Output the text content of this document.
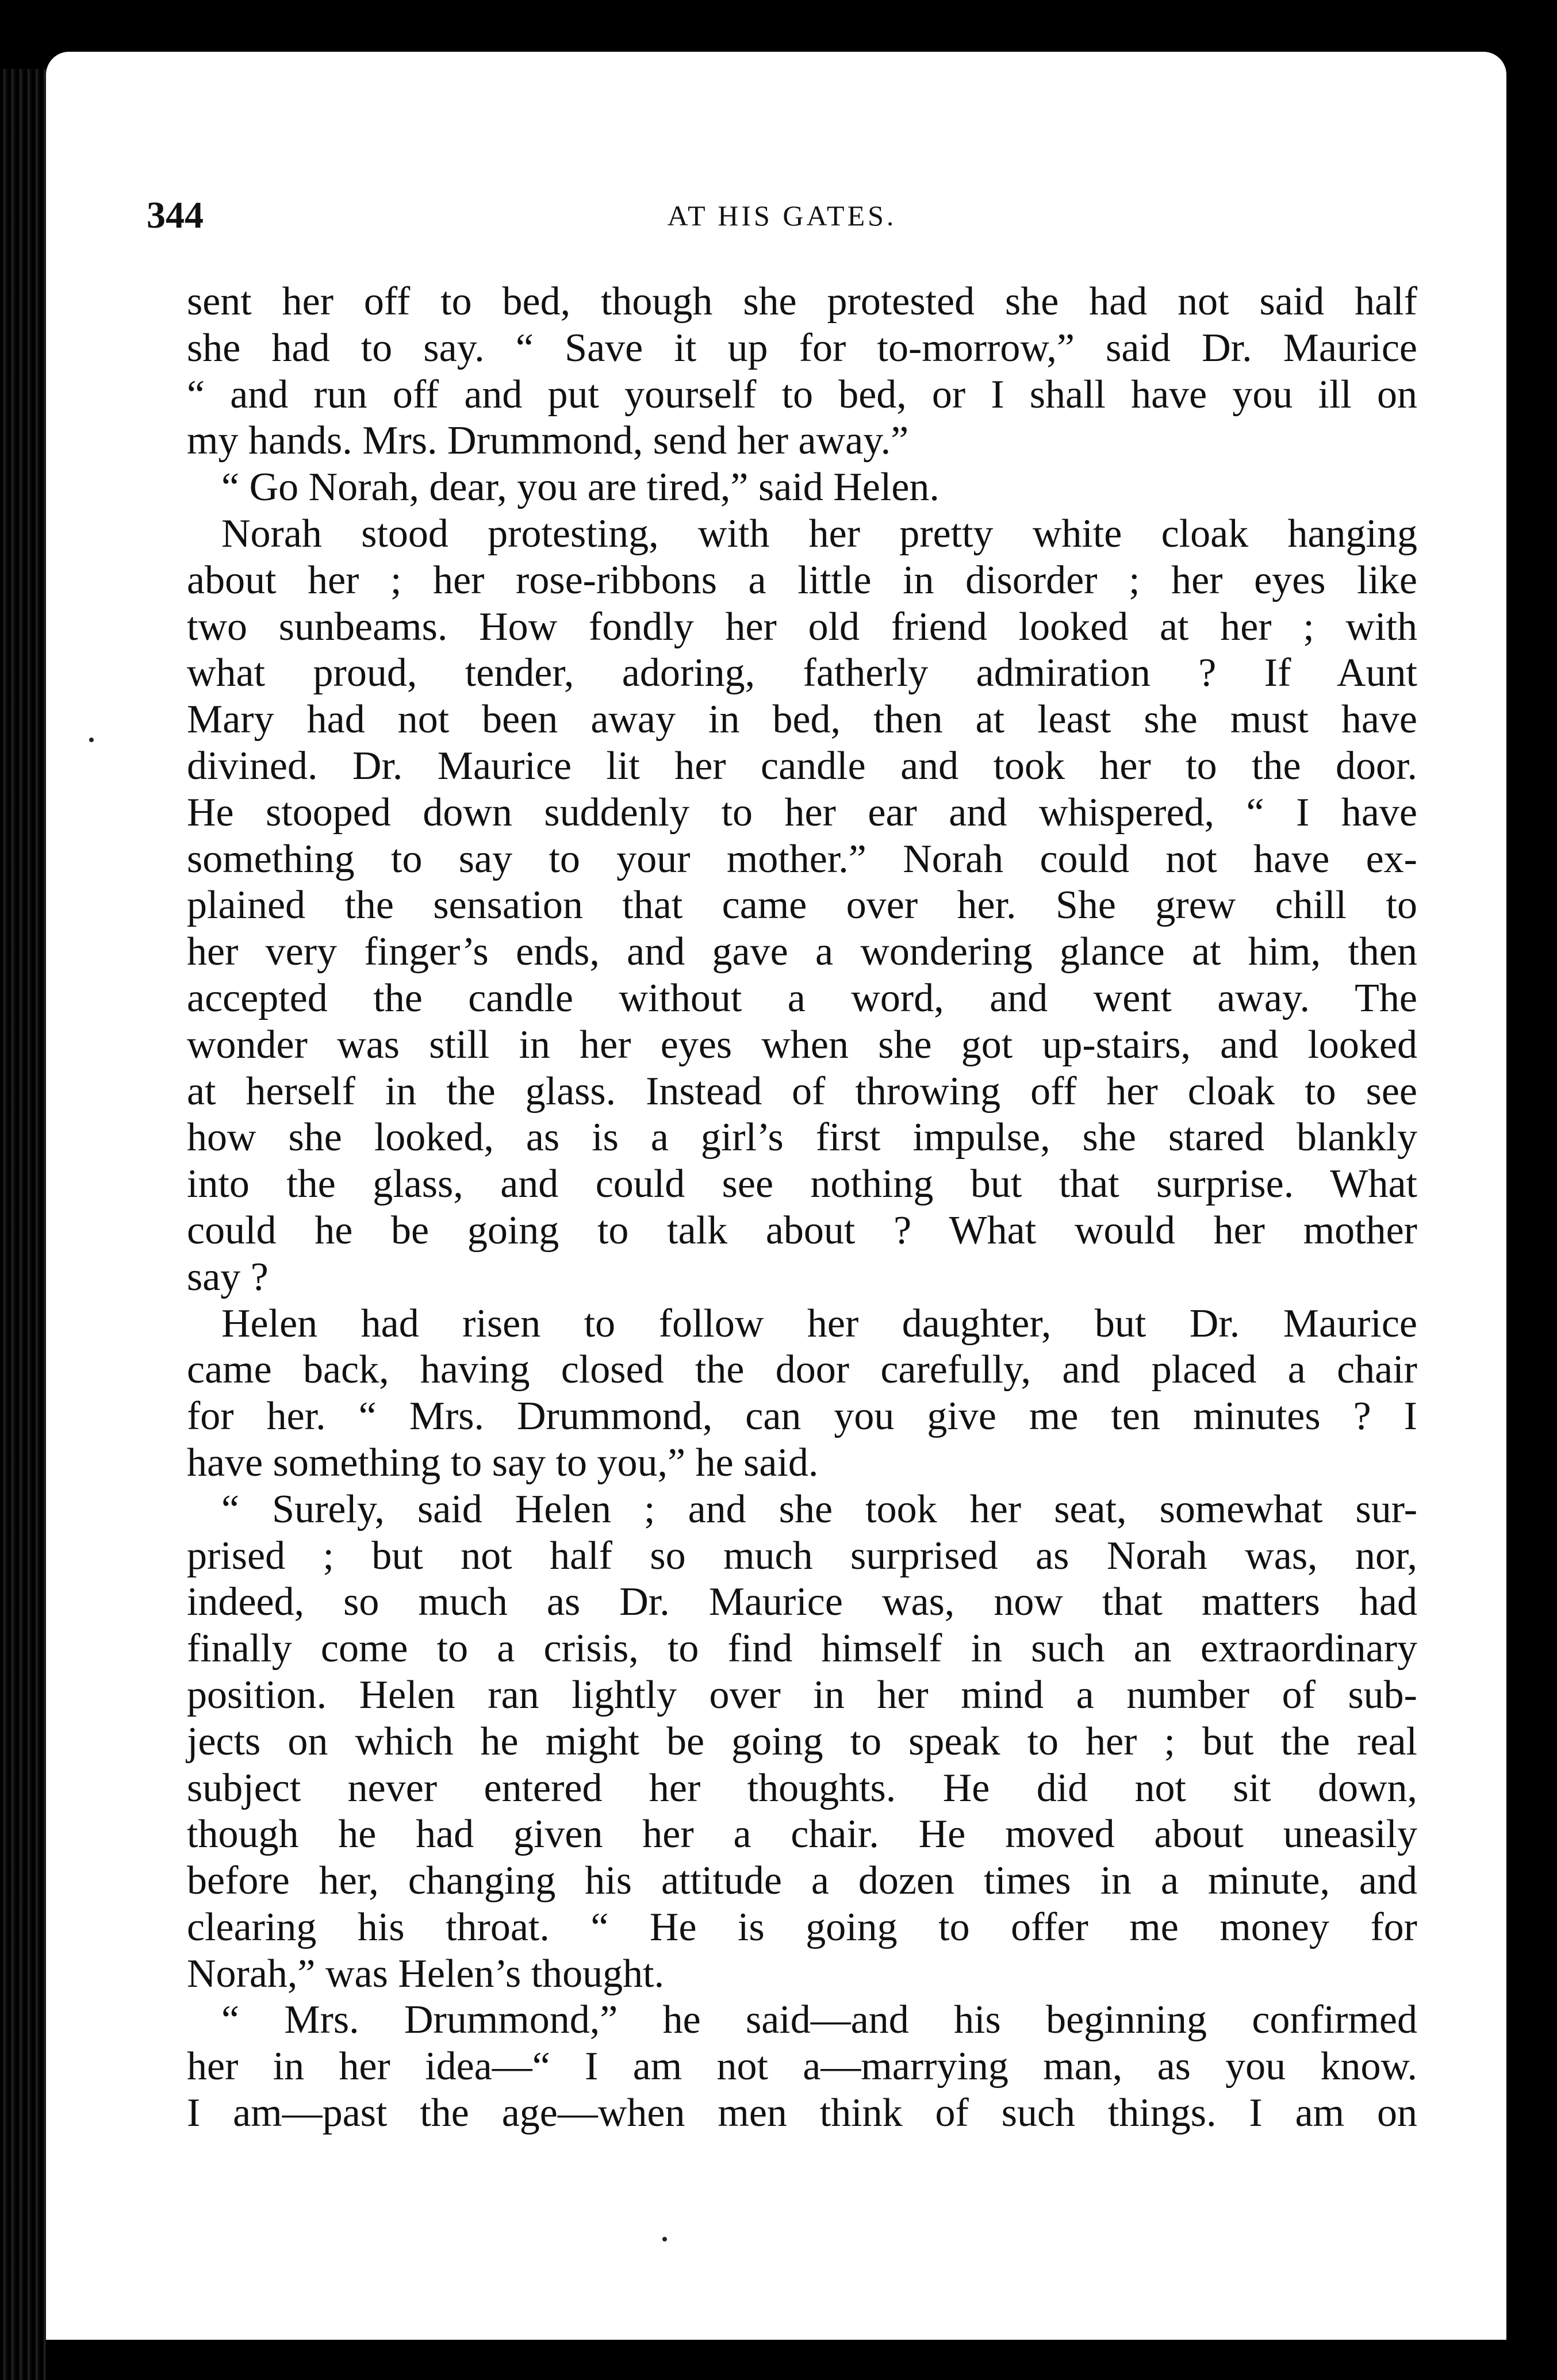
344	AT HIS GATES.
sent her off to bed, though she protested she had not said half
she had to say. “ Save it up for to-morrow,” said Dr. Maurice
“ and run off and put yourself to bed, or I shall have you ill on
my hands. Mrs. Drummond, send her away.”
“ Go Norah, dear, you are tired,” said Helen.
Norah stood protesting, with her pretty white cloak hanging
about her ; her rose-ribbons a little in disorder ; her eyes like
two sunbeams. How fondly her old friend looked at her ; with
what proud, tender, adoring, fatherly admiration ? If Aunt
Mary had not been away in bed, then at least she must have
divined. Dr. Maurice lit her candle and took her to the door.
He stooped down suddenly to her ear and whispered, “ I have
something to say to your mother.” Norah could not have ex-
plained the sensation that came over her. She grew chill to
her very finger’s ends, and gave a wondering glance at him, then
accepted the candle without a word, and went away. The
wonder was still in her eyes when she got up-stairs, and looked
at herself in the glass. Instead of throwing off her cloak to see
how she looked, as is a girl’s first impulse, she stared blankly
into the glass, and could see nothing but that surprise. What
could he be going to talk about ? What would her mother
say ?
Helen had risen to follow her daughter, but Dr. Maurice
came back, having closed the door carefully, and placed a chair
for her. “ Mrs. Drummond, can you give me ten minutes ? I
have something to say to you,” he said.
“ Surely, said Helen ; and she took her seat, somewhat sur-
prised ; but not half so much surprised as Norah was, nor,
indeed, so much as Dr. Maurice was, now that matters had
finally come to a crisis, to find himself in such an extraordinary
position. Helen ran lightly over in her mind a number of sub-
jects on which he might be going to speak to her ; but the real
subject never entered her thoughts. He did not sit down,
though he had given her a chair. He moved about uneasily
before her, changing his attitude a dozen times in a minute, and
clearing his throat. “ He is going to offer me money for
Norah,” was Helen’s thought.
“ Mrs. Drummond,” he said—and his beginning confirmed
her in her idea—“ I am not a—marrying man, as you know.
I am—past the age—when men think of such things. I am on
